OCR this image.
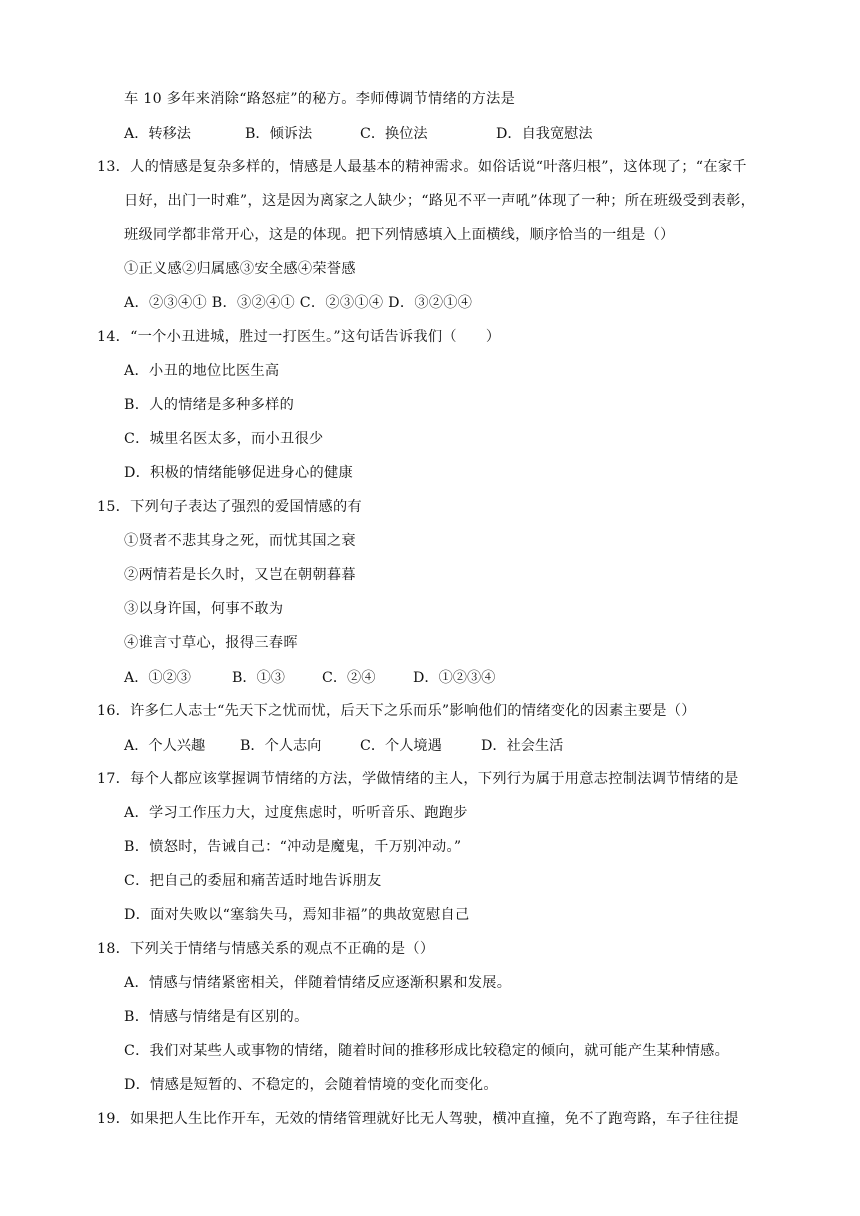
车 10 多年来消除“路怒症”的秘方。李师傅调节情绪的方法是
A．转移法	B．倾诉法	C．换位法	D．自我宽慰法
13．人的情感是复杂多样的，情感是人最基本的精神需求。如俗话说“叶落归根”，这体现了；“在家千
日好，出门一时难”，这是因为离家之人缺少；“路见不平一声吼”体现了一种；所在班级受到表彰，
班级同学都非常开心，这是的体现。把下列情感填入上面横线，顺序恰当的一组是（）
①正义感②归属感③安全感④荣誉感
A．②③④① B．③②④① C．②③①④ D．③②①④
14．“一个小丑进城，胜过一打医生。”这句话告诉我们（　　）
A．小丑的地位比医生高
B．人的情绪是多种多样的
C．城里名医太多，而小丑很少
D．积极的情绪能够促进身心的健康
15．下列句子表达了强烈的爱国情感的有
①贤者不悲其身之死，而忧其国之衰
②两情若是长久时，又岂在朝朝暮暮
③以身许国，何事不敢为
④谁言寸草心，报得三春晖
A．①②③	B．①③	C．②④	D．①②③④
16．许多仁人志士“先天下之忧而忧，后天下之乐而乐”影响他们的情绪变化的因素主要是（）
A．个人兴趣 B．个人志向	C．个人境遇	D．社会生活
17．每个人都应该掌握调节情绪的方法，学做情绪的主人，下列行为属于用意志控制法调节情绪的是
A．学习工作压力大，过度焦虑时，听听音乐、跑跑步
B．愤怒时，告诫自己：“冲动是魔鬼，千万别冲动。”
C．把自己的委屈和痛苦适时地告诉朋友
D．面对失败以“塞翁失马，焉知非福”的典故宽慰自己
18．下列关于情绪与情感关系的观点不正确的是（）
A．情感与情绪紧密相关，伴随着情绪反应逐渐积累和发展。
B．情感与情绪是有区别的。
C．我们对某些人或事物的情绪，随着时间的推移形成比较稳定的倾向，就可能产生某种情感。
D．情感是短暂的、不稳定的，会随着情境的变化而变化。
19．如果把人生比作开车，无效的情绪管理就好比无人驾驶，横冲直撞，免不了跑弯路，车子往往提
